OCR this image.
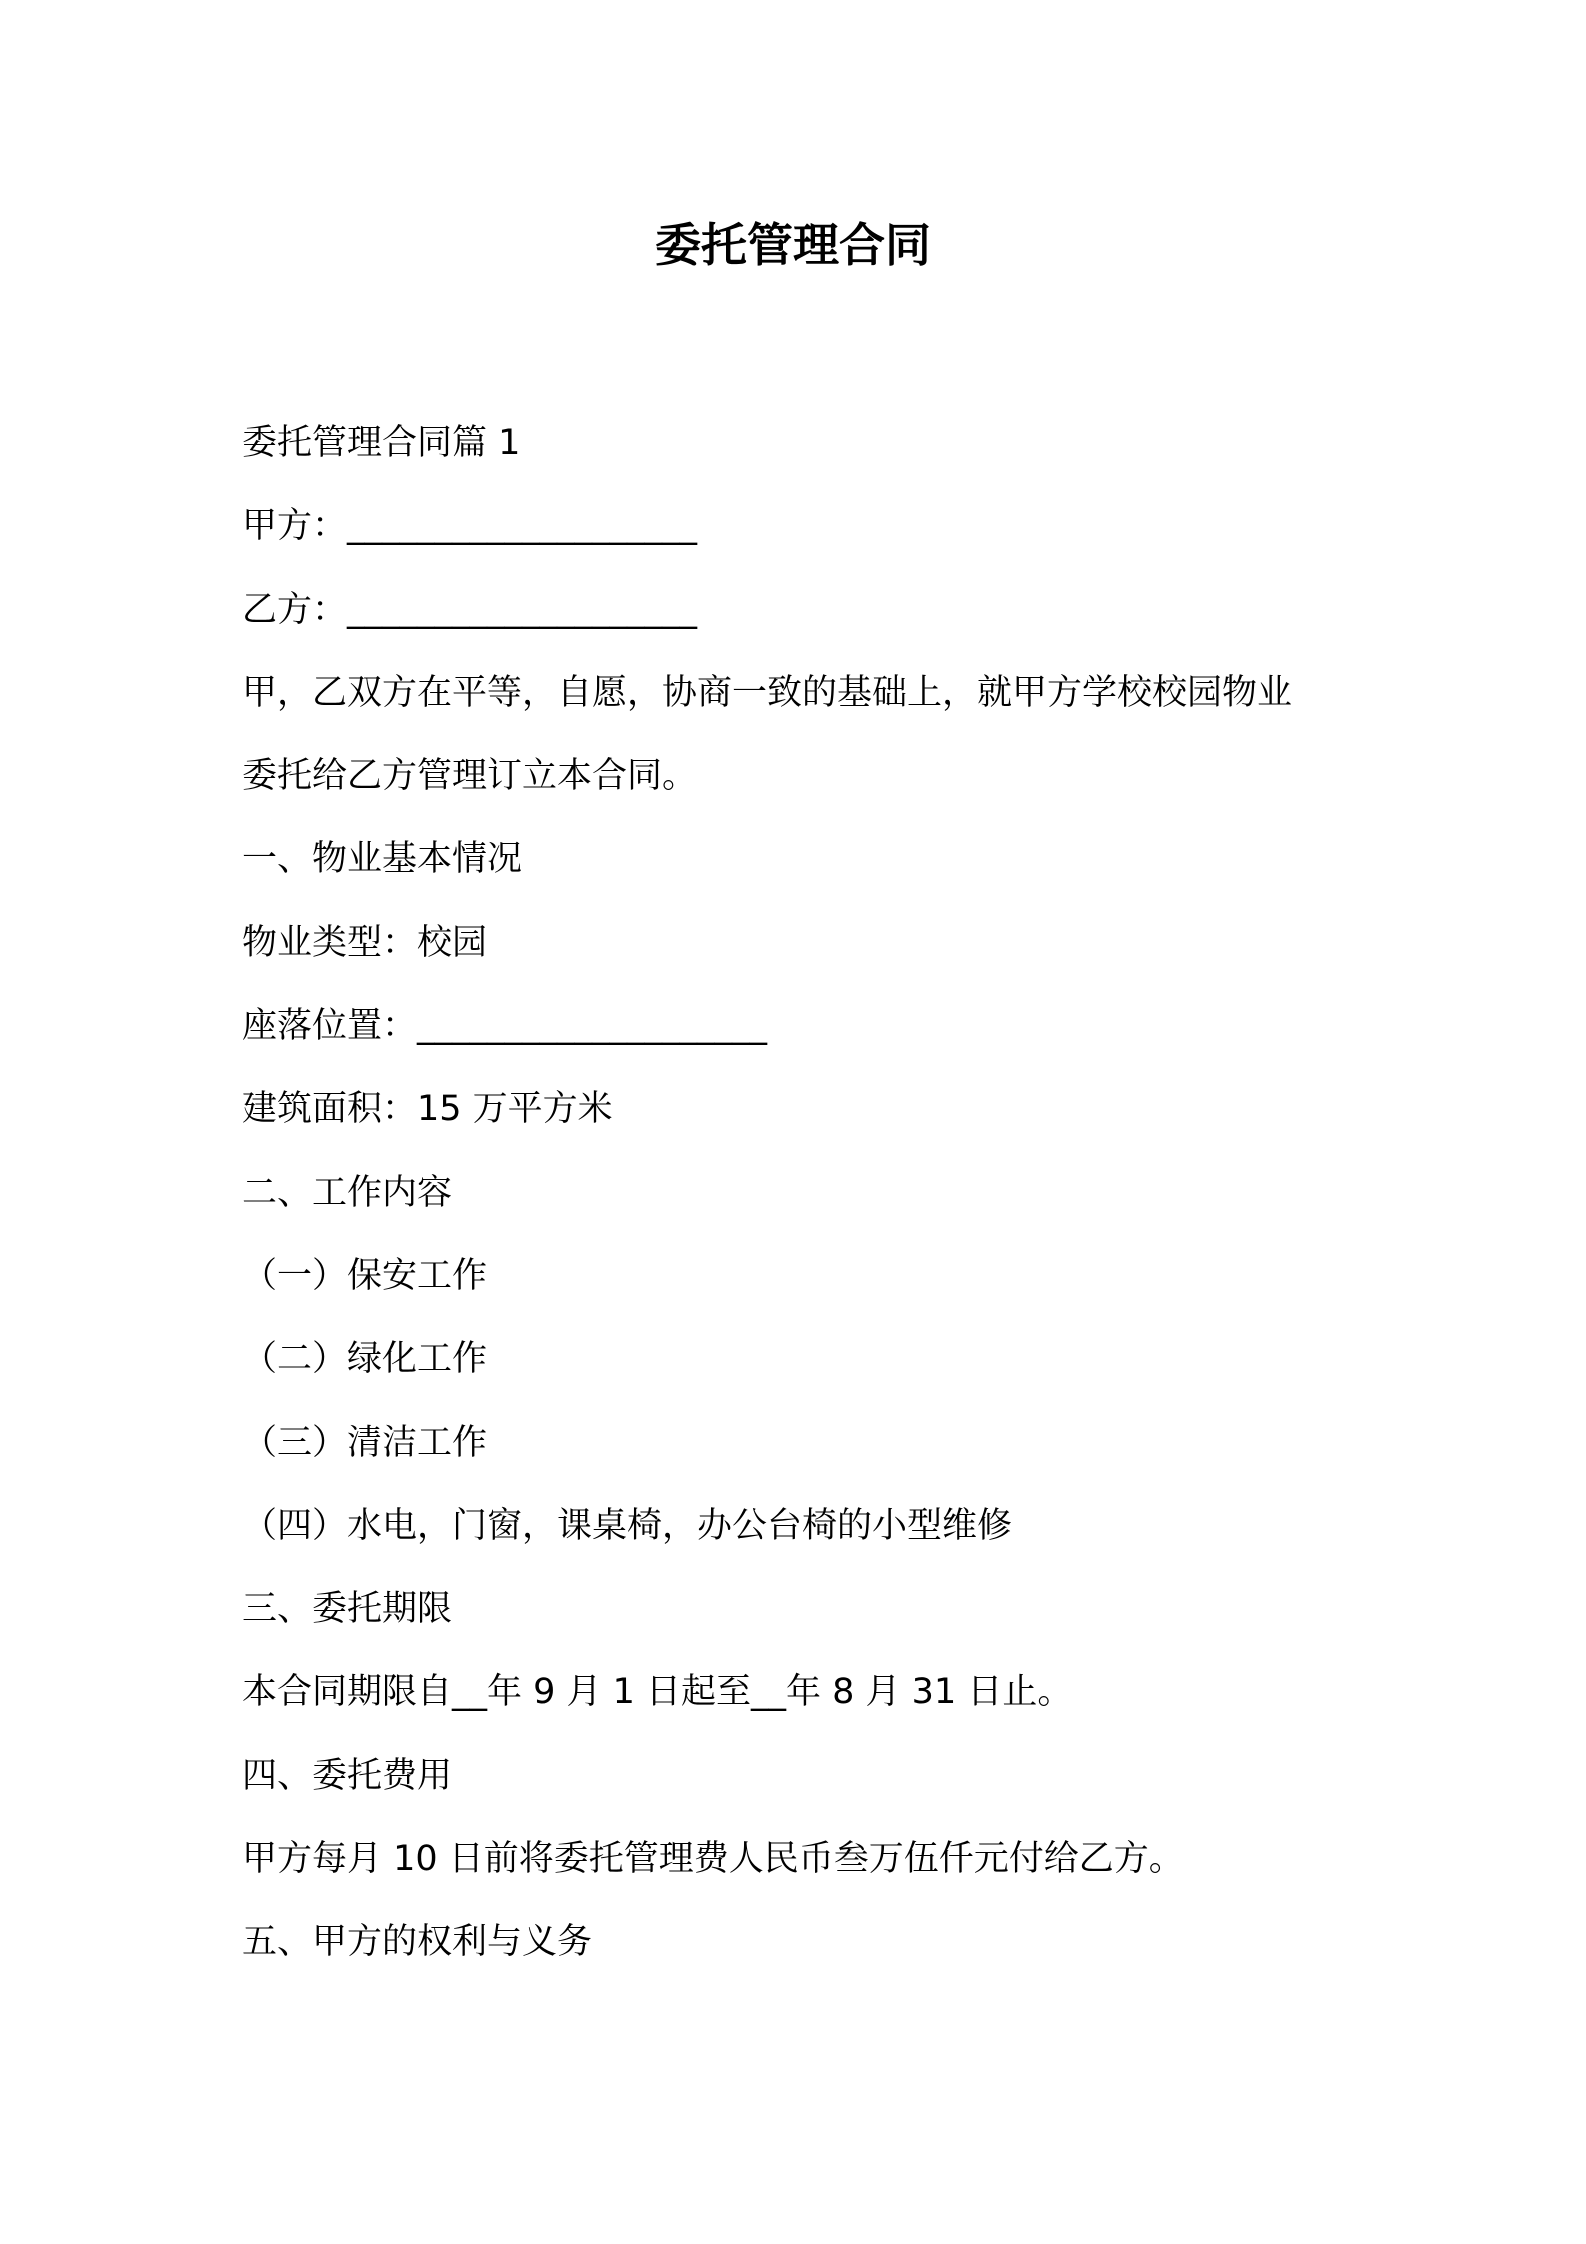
委托管理合同

委托管理合同篇 1

甲方：____________________

乙方：____________________

甲，乙双方在平等，自愿，协商一致的基础上，就甲方学校校园物业

委托给乙方管理订立本合同。

一、物业基本情况

物业类型：校园

座落位置：____________________

建筑面积：15 万平方米

二、工作内容

（一）保安工作

（二）绿化工作

（三）清洁工作

（四）水电，门窗，课桌椅，办公台椅的小型维修

三、委托期限

本合同期限自__年 9 月 1 日起至__年 8 月 31 日止。

四、委托费用

甲方每月 10 日前将委托管理费人民币叁万伍仟元付给乙方。

五、甲方的权利与义务
